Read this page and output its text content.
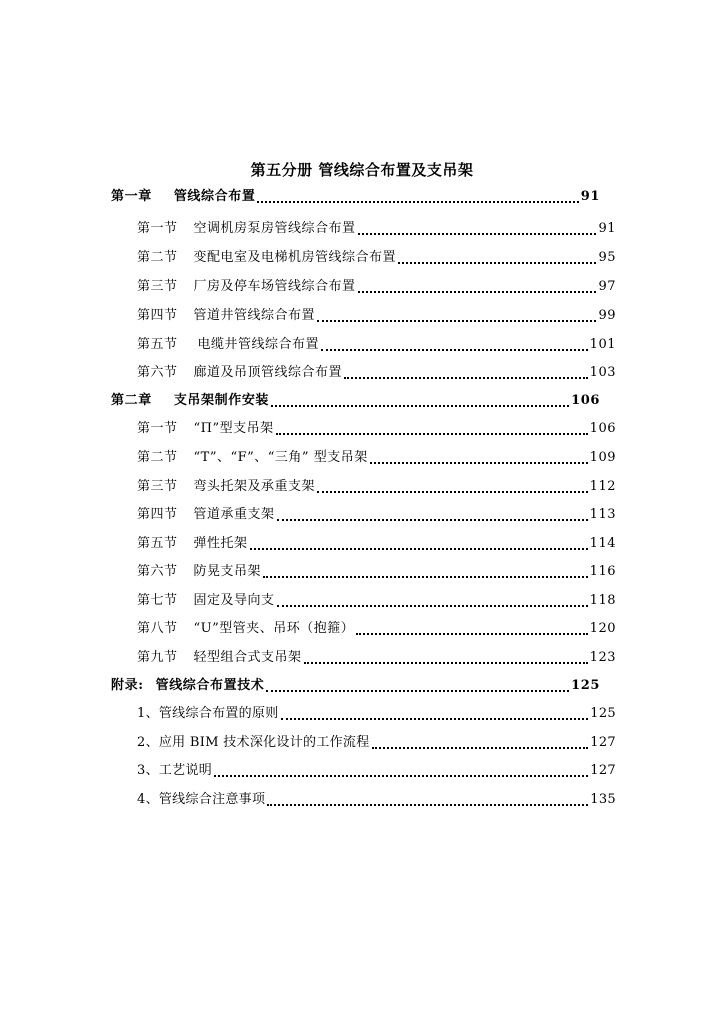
第五分册 管线综合布置及支吊架
第一章 管线综合布置	91
第一节 空调机房泵房管线综合布置	91
第二节 变配电室及电梯机房管线综合布置	95
第三节 厂房及停车场管线综合布置	97
第四节 管道井管线综合布置	99
第五节 电缆井管线综合布置	101
第六节 廊道及吊顶管线综合布置	103
第二章 支吊架制作安装	106
第一节 “П”型支吊架	106
第二节 “T”、“F”、“三角” 型支吊架	109
第三节 弯头托架及承重支架	112
第四节 管道承重支架	113
第五节 弹性托架	114
第六节 防晃支吊架	116
第七节 固定及导向支	118
第八节 “U”型管夹、吊环（抱箍）	120
第九节 轻型组合式支吊架	123
附录: 管线综合布置技术	125
1、管线综合布置的原则	125
2、应用 BIM 技术深化设计的工作流程	127
3、工艺说明	127
4、管线综合注意事项	135
